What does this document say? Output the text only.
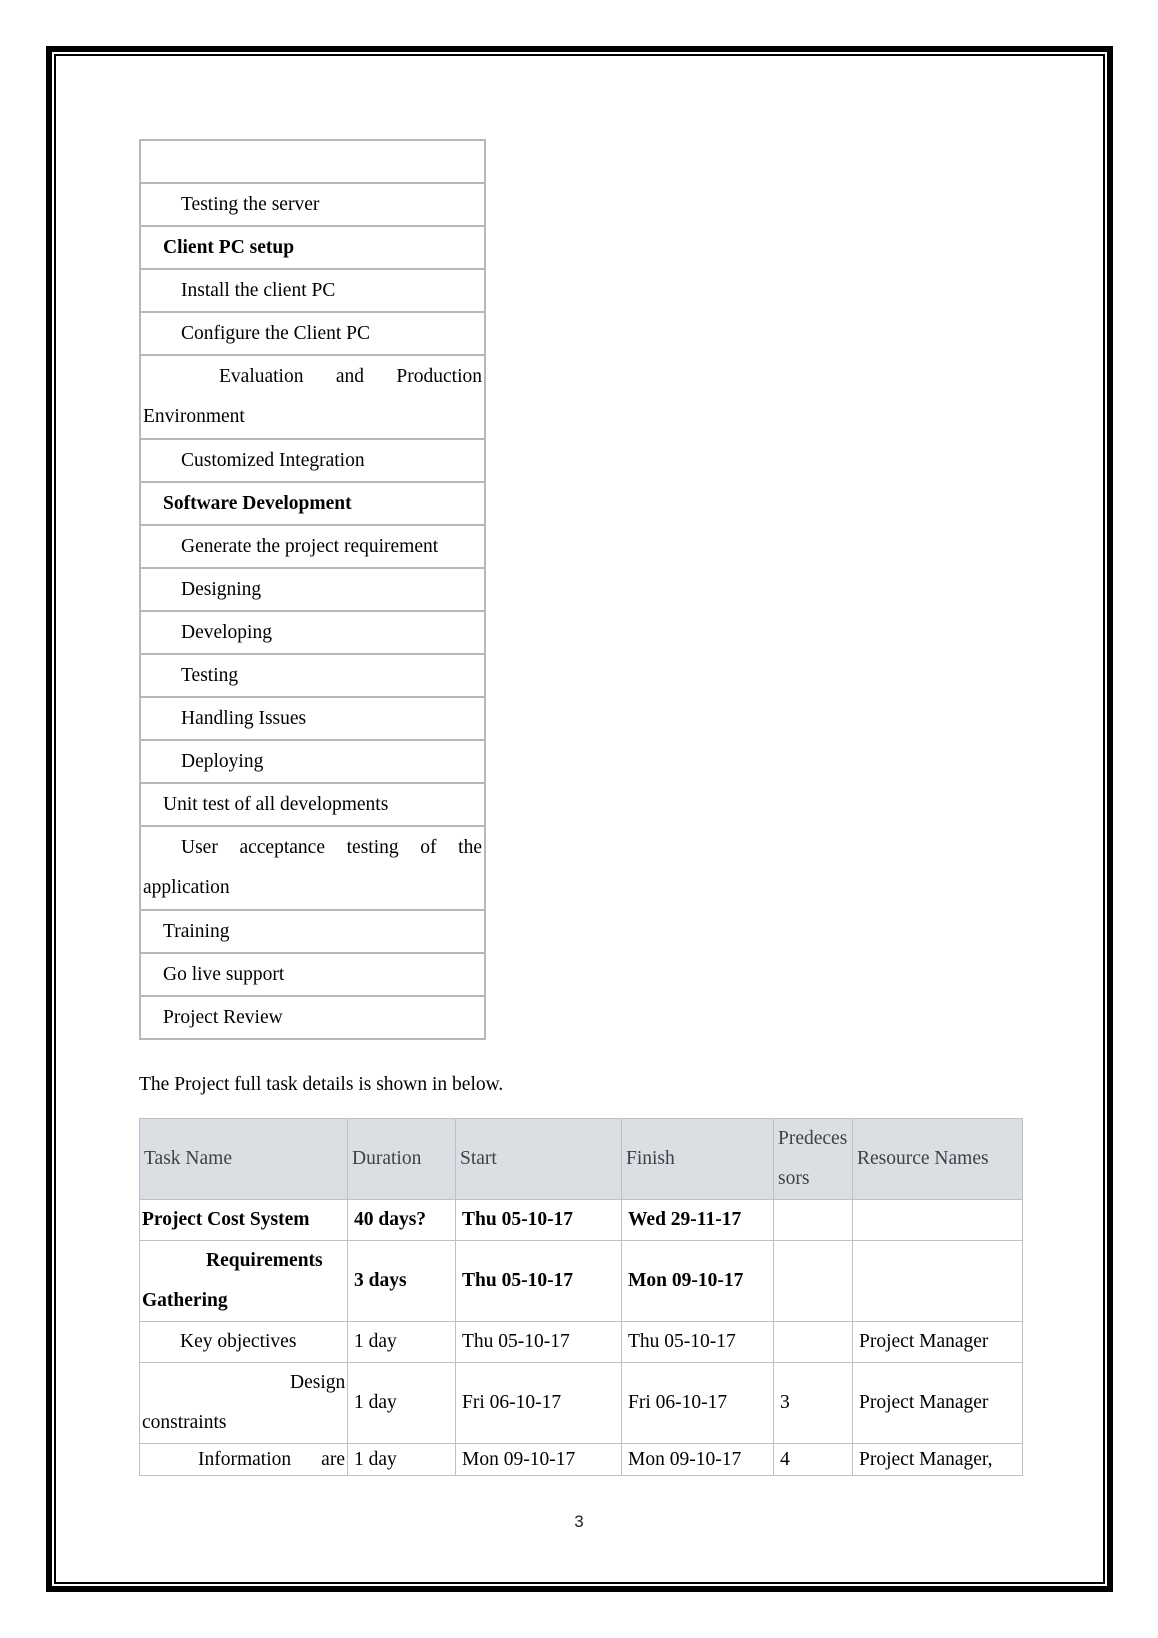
Testing the server
Client PC setup
Install the client PC
Configure the Client PC
Evaluation and Production Environment
Customized Integration
Software Development
Generate the project requirement
Designing
Developing
Testing
Handling Issues
Deploying
Unit test of all developments
User acceptance testing of the application
Training
Go live support
Project Review

The Project full task details is shown in below.

Task Name	Duration	Start	Finish	Predecessors	Resource Names
Project Cost System	40 days?	Thu 05-10-17	Wed 29-11-17		
Requirements Gathering	3 days	Thu 05-10-17	Mon 09-10-17		
Key objectives	1 day	Thu 05-10-17	Thu 05-10-17		Project Manager
Design constraints	1 day	Fri 06-10-17	Fri 06-10-17	3	Project Manager
Information are	1 day	Mon 09-10-17	Mon 09-10-17	4	Project Manager,
3
